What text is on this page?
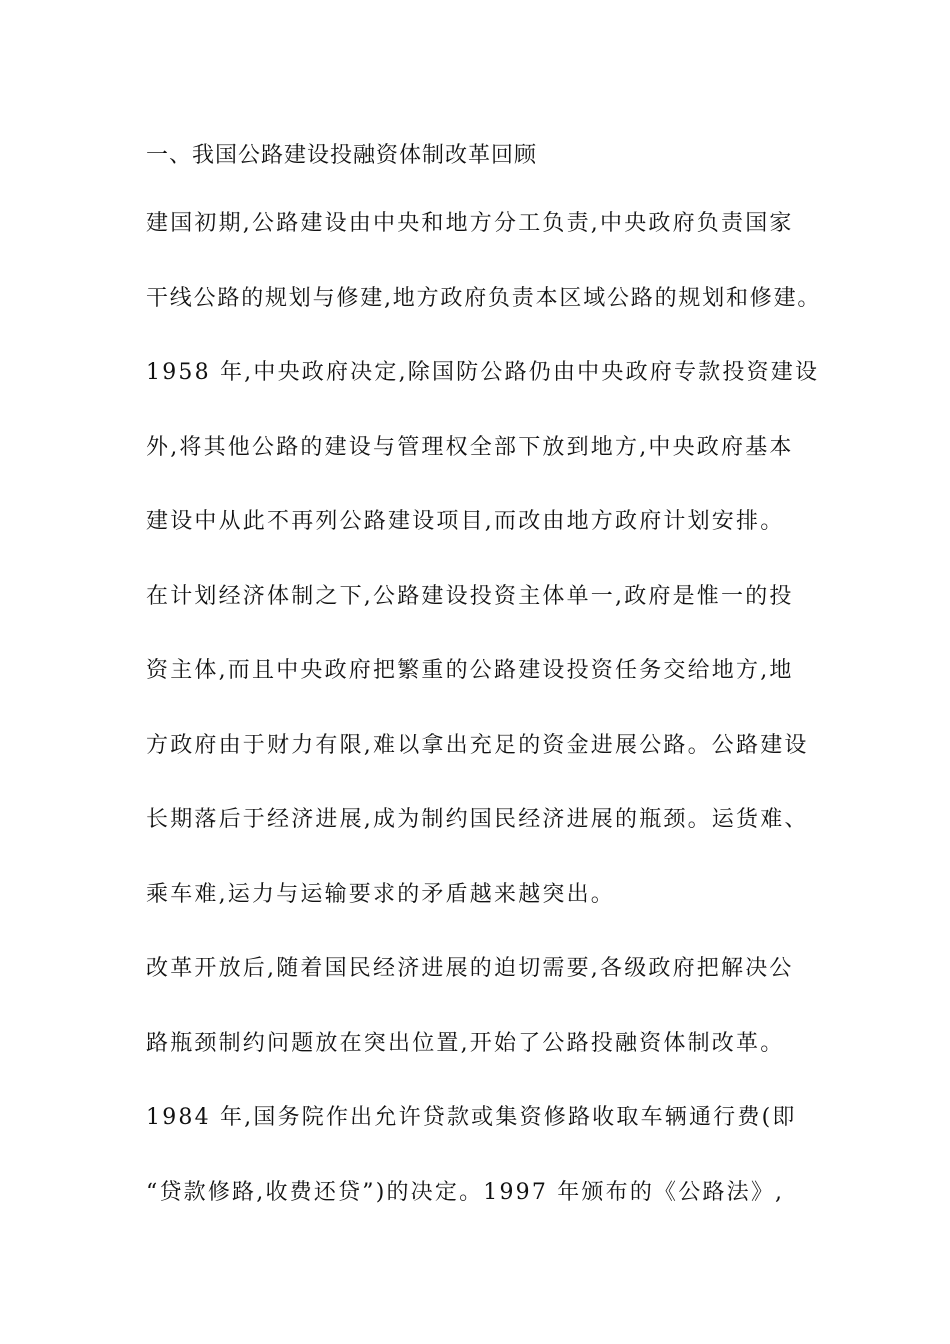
一、我国公路建设投融资体制改革回顾
建国初期,公路建设由中央和地方分工负责,中央政府负责国家
干线公路的规划与修建,地方政府负责本区域公路的规划和修建。
1958 年,中央政府决定,除国防公路仍由中央政府专款投资建设
外,将其他公路的建设与管理权全部下放到地方,中央政府基本
建设中从此不再列公路建设项目,而改由地方政府计划安排。
在计划经济体制之下,公路建设投资主体单一,政府是惟一的投
资主体,而且中央政府把繁重的公路建设投资任务交给地方,地
方政府由于财力有限,难以拿出充足的资金进展公路。公路建设
长期落后于经济进展,成为制约国民经济进展的瓶颈。运货难、
乘车难,运力与运输要求的矛盾越来越突出。
改革开放后,随着国民经济进展的迫切需要,各级政府把解决公
路瓶颈制约问题放在突出位置,开始了公路投融资体制改革。
1984 年,国务院作出允许贷款或集资修路收取车辆通行费(即
“贷款修路,收费还贷”)的决定。1997 年颁布的《公路法》,
